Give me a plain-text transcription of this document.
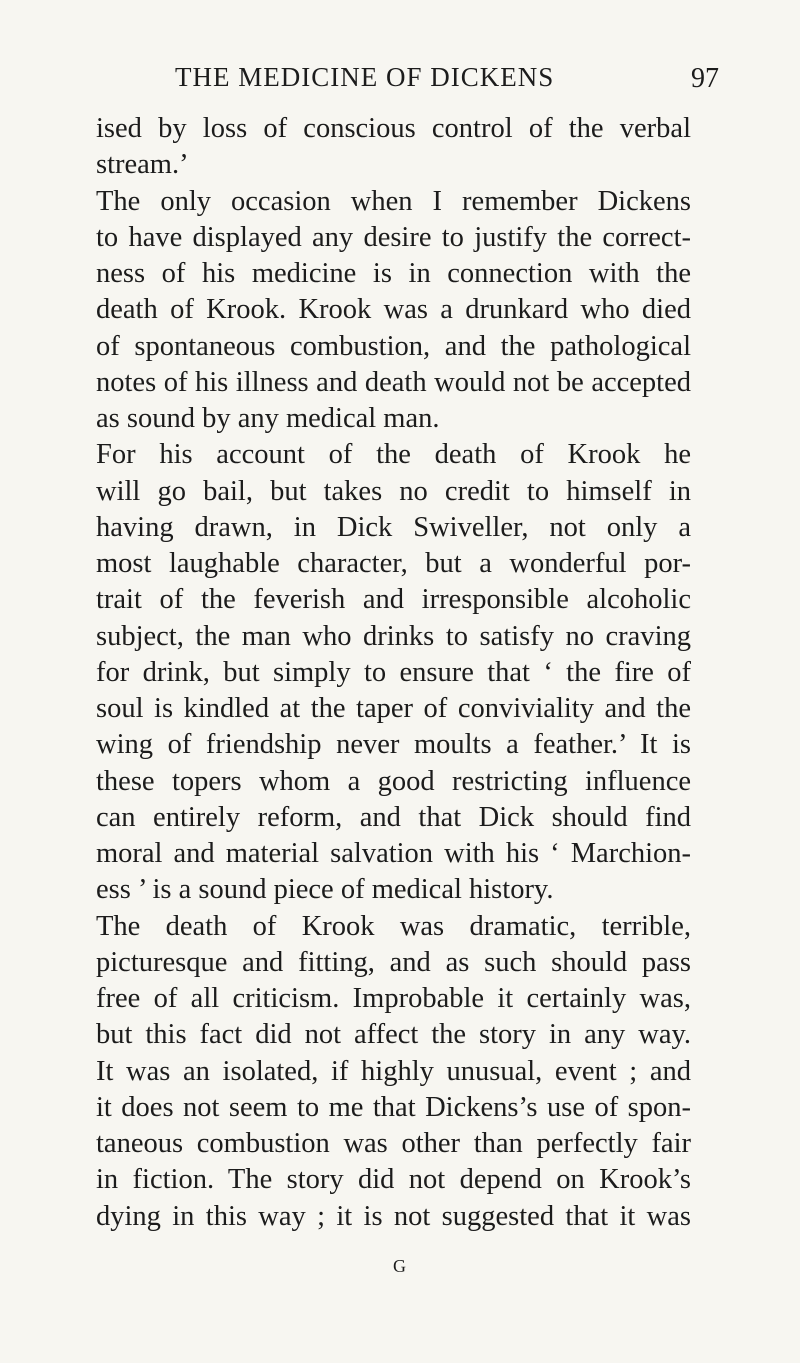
THE MEDICINE OF DICKENS	97
ised by loss of conscious control of the verbal
stream.’
The only occasion when I remember Dickens
to have displayed any desire to justify the correct-
ness of his medicine is in connection with the
death of Krook. Krook was a drunkard who died
of spontaneous combustion, and the pathological
notes of his illness and death would not be accepted
as sound by any medical man.
For his account of the death of Krook he
will go bail, but takes no credit to himself in
having drawn, in Dick Swiveller, not only a
most laughable character, but a wonderful por-
trait of the feverish and irresponsible alcoholic
subject, the man who drinks to satisfy no craving
for drink, but simply to ensure that ‘ the fire of
soul is kindled at the taper of conviviality and the
wing of friendship never moults a feather.’ It is
these topers whom a good restricting influence
can entirely reform, and that Dick should find
moral and material salvation with his ‘ Marchion-
ess ’ is a sound piece of medical history.
The death of Krook was dramatic, terrible,
picturesque and fitting, and as such should pass
free of all criticism. Improbable it certainly was,
but this fact did not affect the story in any way.
It was an isolated, if highly unusual, event ; and
it does not seem to me that Dickens’s use of spon-
taneous combustion was other than perfectly fair
in fiction. The story did not depend on Krook’s
dying in this way ; it is not suggested that it was
G
